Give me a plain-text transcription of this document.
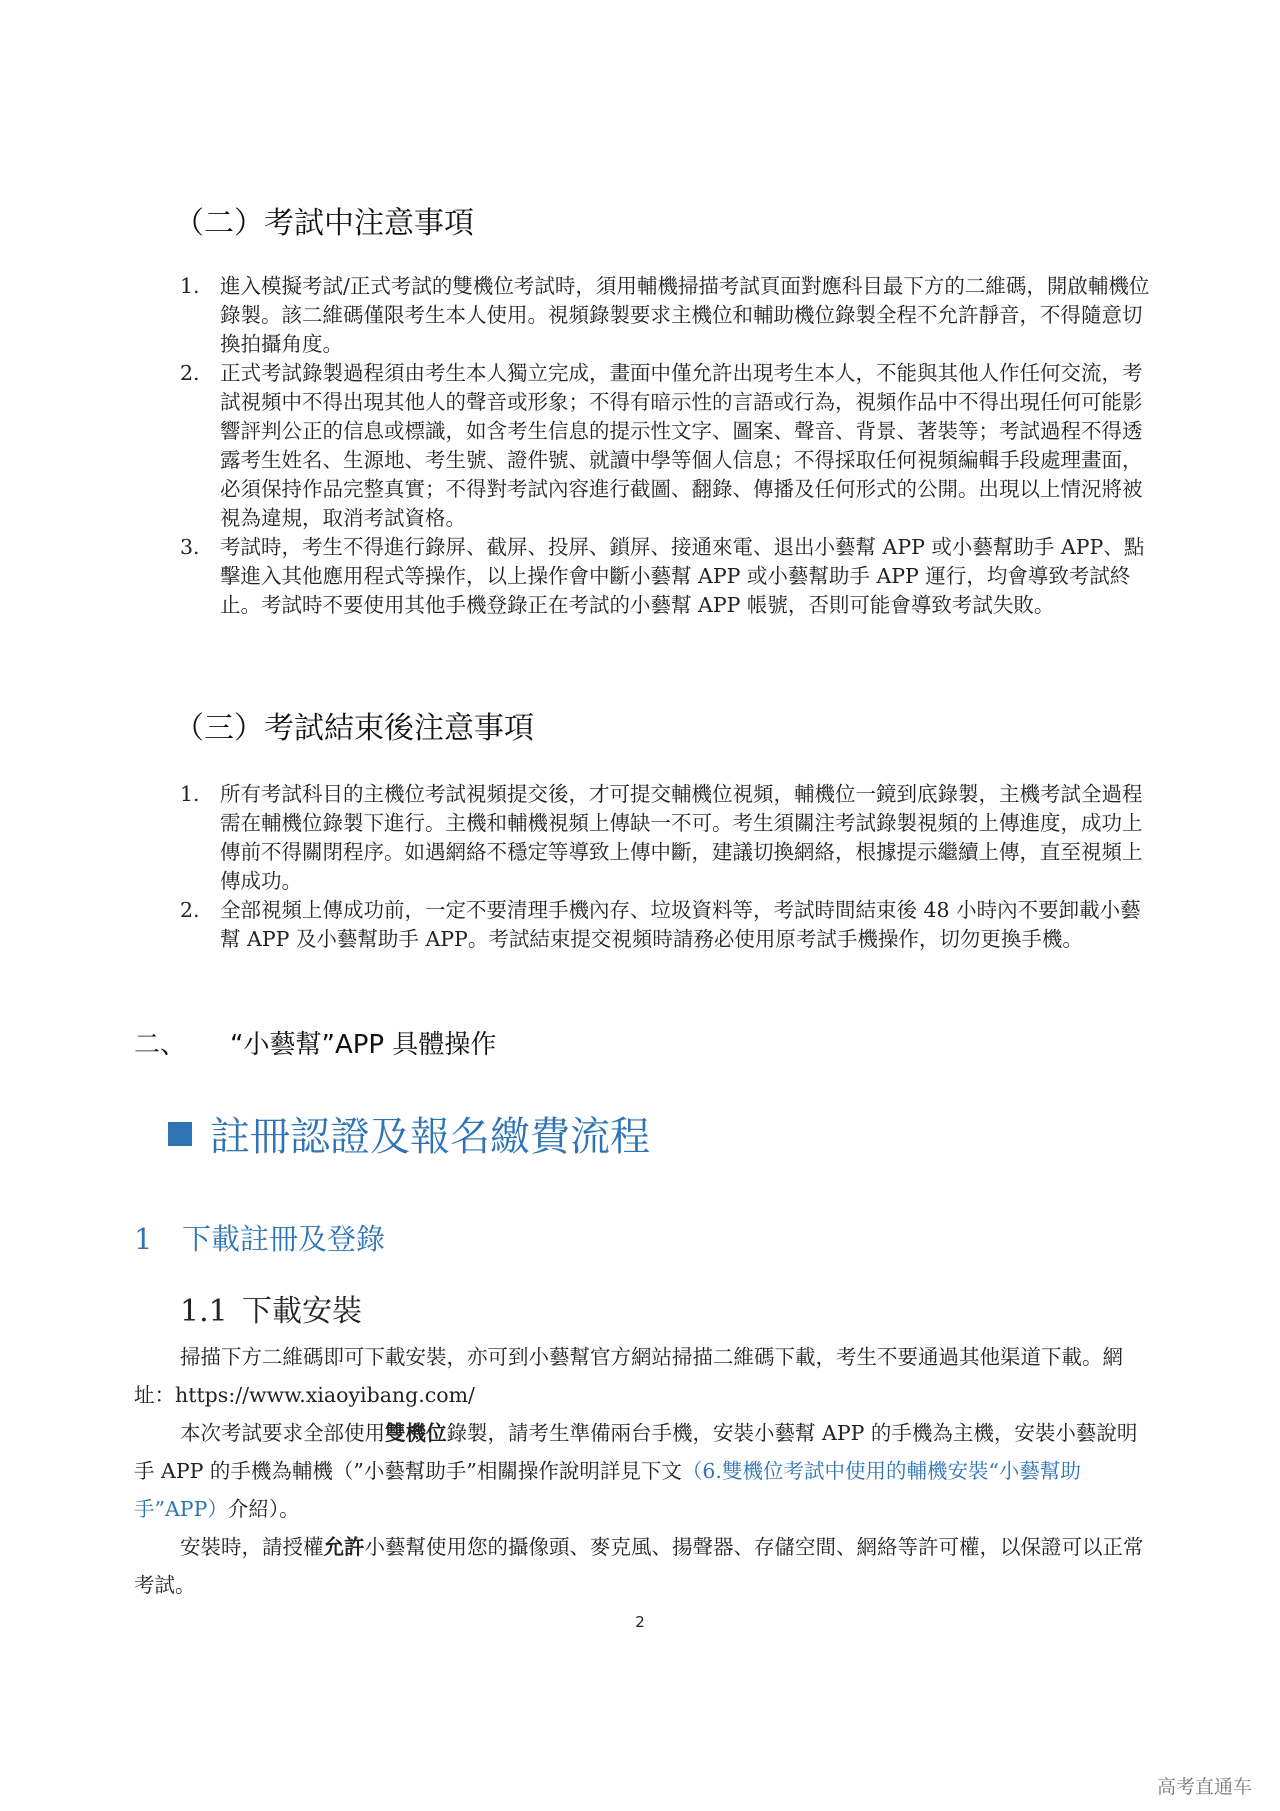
（二）考試中注意事項
1. 進入模擬考試/正式考試的雙機位考試時，須用輔機掃描考試頁面對應科目最下方的二維碼，開啟輔機位錄製。該二維碼僅限考生本人使用。視頻錄製要求主機位和輔助機位錄製全程不允許靜音，不得隨意切換拍攝角度。
2. 正式考試錄製過程須由考生本人獨立完成，畫面中僅允許出現考生本人，不能與其他人作任何交流，考試視頻中不得出現其他人的聲音或形象；不得有暗示性的言語或行為，視頻作品中不得出現任何可能影響評判公正的信息或標識，如含考生信息的提示性文字、圖案、聲音、背景、著裝等；考試過程不得透露考生姓名、生源地、考生號、證件號、就讀中學等個人信息；不得採取任何視頻編輯手段處理畫面，必須保持作品完整真實；不得對考試內容進行截圖、翻錄、傳播及任何形式的公開。出現以上情況將被視為違規，取消考試資格。
3. 考試時，考生不得進行錄屏、截屏、投屏、鎖屏、接通來電、退出小藝幫 APP 或小藝幫助手 APP、點擊進入其他應用程式等操作，以上操作會中斷小藝幫 APP 或小藝幫助手 APP 運行，均會導致考試終止。考試時不要使用其他手機登錄正在考試的小藝幫 APP 帳號，否則可能會導致考試失敗。
（三）考試結束後注意事項
1. 所有考試科目的主機位考試視頻提交後，才可提交輔機位視頻，輔機位一鏡到底錄製，主機考試全過程需在輔機位錄製下進行。主機和輔機視頻上傳缺一不可。考生須關注考試錄製視頻的上傳進度，成功上傳前不得關閉程序。如遇網絡不穩定等導致上傳中斷，建議切換網絡，根據提示繼續上傳，直至視頻上傳成功。
2. 全部視頻上傳成功前，一定不要清理手機內存、垃圾資料等，考試時間結束後 48 小時內不要卸載小藝幫 APP 及小藝幫助手 APP。考試結束提交視頻時請務必使用原考試手機操作，切勿更換手機。
二、 “小藝幫”APP 具體操作
註冊認證及報名繳費流程
1 下載註冊及登錄
1.1 下載安裝

掃描下方二維碼即可下載安裝，亦可到小藝幫官方網站掃描二維碼下載，考生不要通過其他渠道下載。網址：https://www.xiaoyibang.com/

本次考試要求全部使用雙機位錄製，請考生準備兩台手機，安裝小藝幫 APP 的手機為主機，安裝小藝說明手 APP 的手機為輔機（”小藝幫助手”相關操作說明詳見下文（6.雙機位考試中使用的輔機安裝“小藝幫助手”APP）介紹）。

安裝時，請授權允許小藝幫使用您的攝像頭、麥克風、揚聲器、存儲空間、網絡等許可權，以保證可以正常考試。

2
高考直通车
